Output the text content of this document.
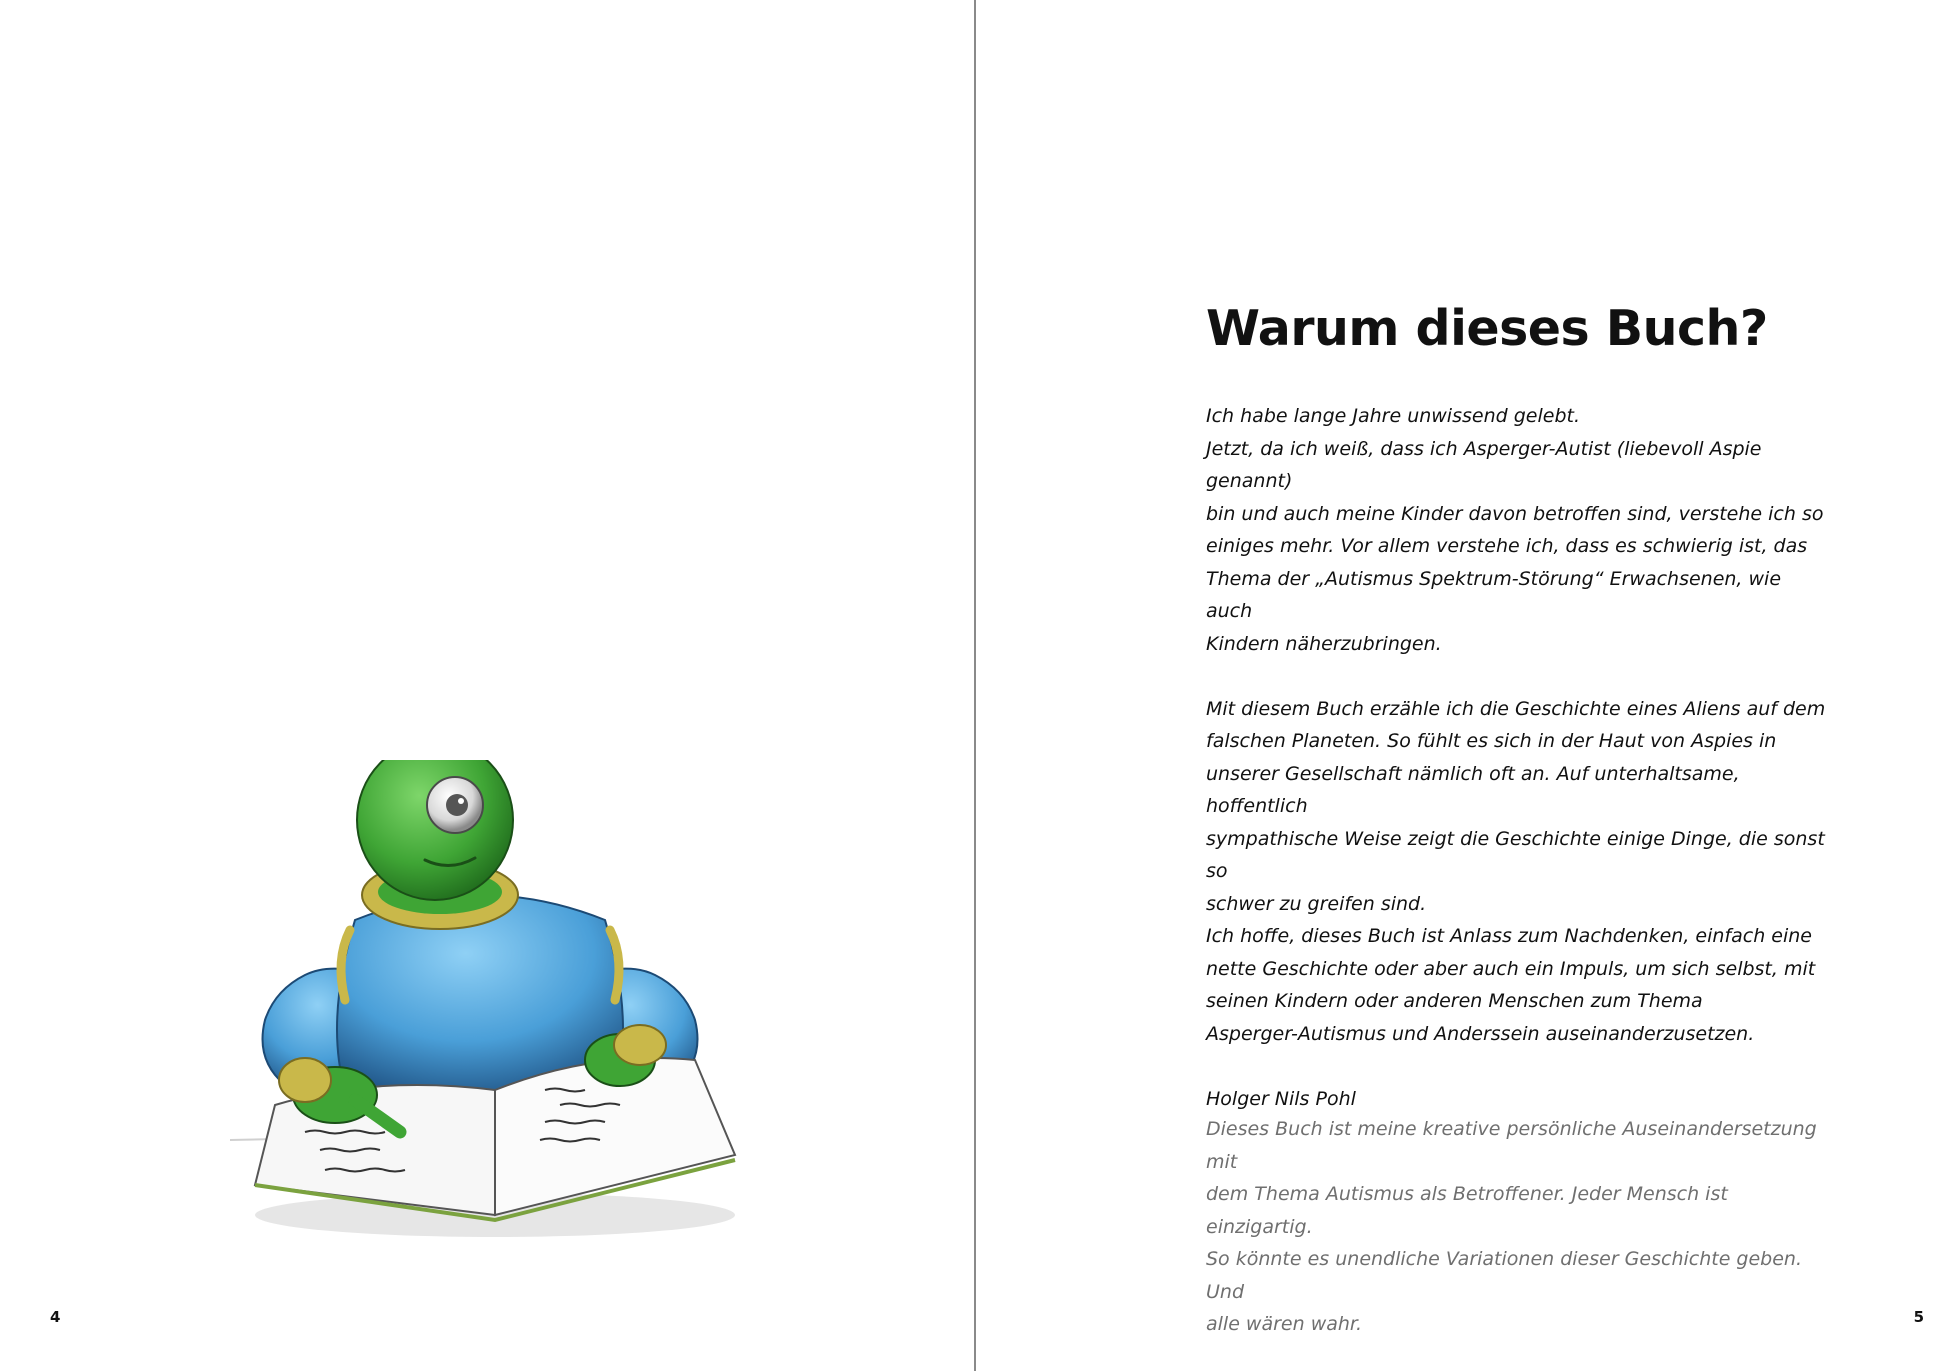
4
Warum dieses Buch?

Ich habe lange Jahre unwissend gelebt.

Jetzt, da ich weiß, dass ich Asperger-Autist (liebevoll Aspie genannt)

bin und auch meine Kinder davon betroffen sind, verstehe ich so

einiges mehr. Vor allem verstehe ich, dass es schwierig ist, das

Thema der „Autismus Spektrum-Störung“ Erwachsenen, wie auch

Kindern näherzubringen.

Mit diesem Buch erzähle ich die Geschichte eines Aliens auf dem

falschen Planeten. So fühlt es sich in der Haut von Aspies in

unserer Gesellschaft nämlich oft an. Auf unterhaltsame, hoffentlich

sympathische Weise zeigt die Geschichte einige Dinge, die sonst so

schwer zu greifen sind.

Ich hoffe, dieses Buch ist Anlass zum Nachdenken, einfach eine

nette Geschichte oder aber auch ein Impuls, um sich selbst, mit

seinen Kindern oder anderen Menschen zum Thema

Asperger-Autismus und Anderssein auseinanderzusetzen.

Holger Nils Pohl

Dieses Buch ist meine kreative persönliche Auseinandersetzung mit

dem Thema Autismus als Betroffener. Jeder Mensch ist einzigartig.

So könnte es unendliche Variationen dieser Geschichte geben. Und

alle wären wahr.	5
